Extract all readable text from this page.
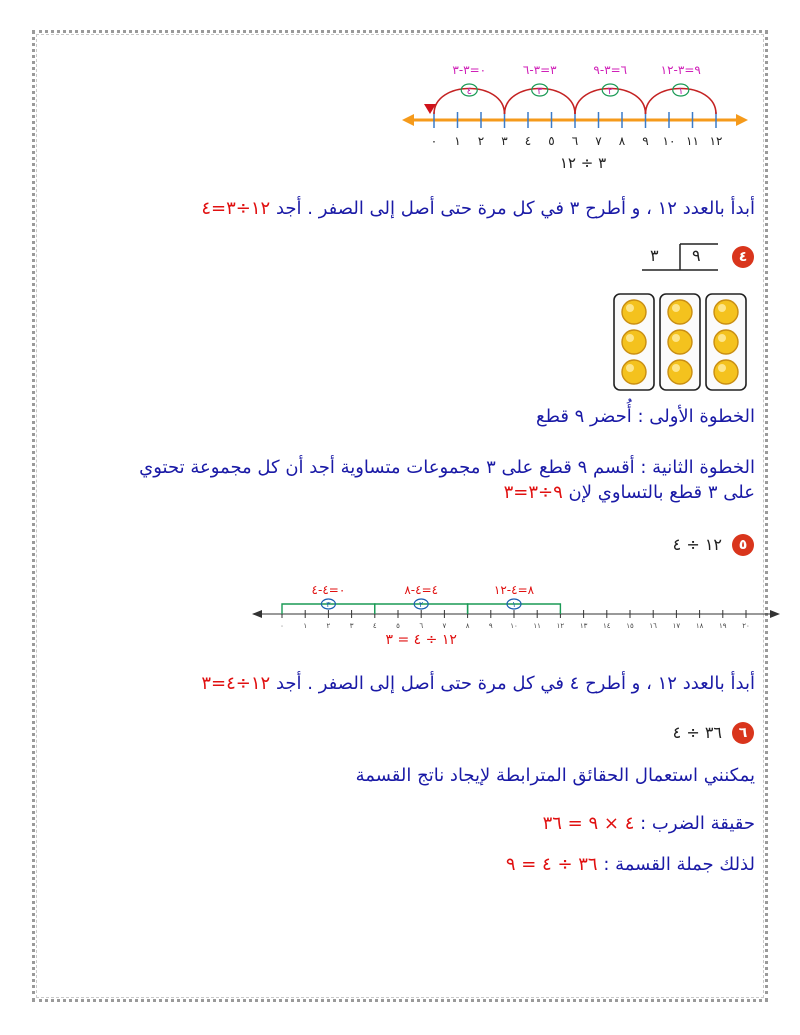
٠ ١ ٢ ٣ ٤ ٥ ٦ ٧ ٨ ٩ ١٠ ١١ ١٢
١
٩=٣-١٢
٢
٦=٣-٩
٣
٣=٣-٦
٤
٠=٣-٣
٣ ÷ ١٢
أبدأ بالعدد ١٢ ، و أطرح ٣ في كل مرة حتى أصل إلى الصفر . أجد ١٢÷٣=٤
٤
٣ ٩
الخطوة الأولى : أُحضر ٩ قطع
الخطوة الثانية : أقسم ٩ قطع على ٣ مجموعات متساوية أجد أن كل مجموعة تحتوي
على ٣ قطع بالتساوي لإن ٩÷٣=٣
٥
١٢ ÷ ٤
٠	١	٢	٣	٤	٥	٦	٧	٨	٩	١٠ ١١ ١٢ ١٣ ١٤ ١٥ ١٦ ١٧ ١٨ ١٩ ٢٠
١
٨=٤-١٢
٢
٤=٤-٨
٣
٠=٤-٤
١٢ ÷ ٤ = ٣
أبدأ بالعدد ١٢ ، و أطرح ٤ في كل مرة حتى أصل إلى الصفر . أجد ١٢÷٤=٣
٦
٣٦ ÷ ٤
يمكنني استعمال الحقائق المترابطة لإيجاد ناتج القسمة
حقيقة الضرب : ٤ × ٩ = ٣٦
لذلك جملة القسمة : ٣٦ ÷ ٤ = ٩
